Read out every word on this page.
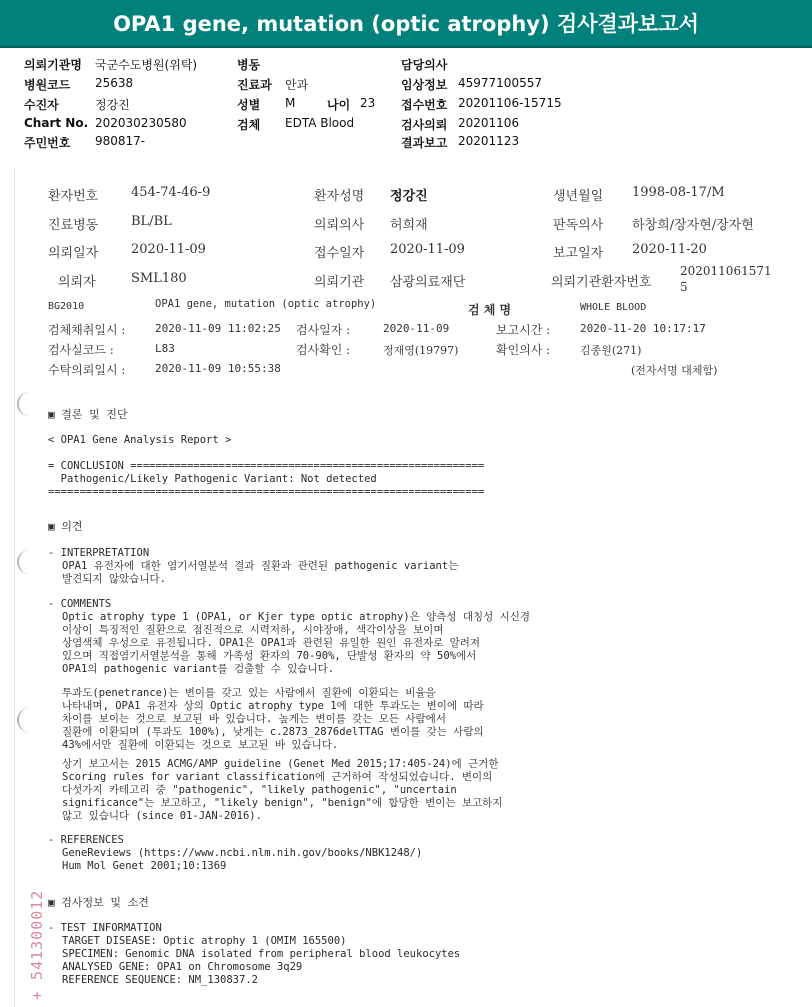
OPA1 gene, mutation (optic atrophy) 검사결과보고서
의뢰기관명 국군수도병원(위탁)
병원코드 25638
수진자	정강진
Chart No. 202030230580
주민번호 980817-
병동
진료과 안과
성별 M	나이 23
검체 EDTA Blood
담당의사
임상정보 45977100557
접수번호 20201106-15715
검사의뢰 20201106
결과보고 20201123
환자번호	454-74-46-9	환자성명 정강진	생년월일 1998-08-17/M
진료병동	BL/BL	의뢰의사 허희재	판독의사 하창희/장자현/장자현
의뢰일자	2020-11-09	접수일자 2020-11-09	보고일자 2020-11-20
의뢰자	SML180	의뢰기관 삼광의료재단	의뢰기관환자번호
202011061571
5
BG2010	OPA1 gene, mutation (optic atrophy)	검 체 명	WHOLE BLOOD
검체채취일시 :	2020-11-09 11:02:25 검사일자 :	2020-11-09	보고시간 :	2020-11-20 10:17:17
검사실코드 :	L83	검사확인 :	정재영(19797)	확인의사 :	김종원(271)
수탁의뢰일시 :	2020-11-09 10:55:38	(전자서명 대체함)
▣ 결론 및 진단
< OPA1 Gene Analysis Report >
= CONCLUSION ========================================================
Pathogenic/Likely Pathogenic Variant: Not detected
=====================================================================
▣ 의견
- INTERPRETATION
OPA1 유전자에 대한 염기서열분석 결과 질환과 관련된 pathogenic variant는
발견되지 않았습니다.
- COMMENTS
Optic atrophy type 1 (OPA1, or Kjer type optic atrophy)은 양측성 대칭성 시신경
이상이 특징적인 질환으로 점진적으로 시력저하, 시야장애, 색각이상을 보이며
상염색체 우성으로 유전됩니다. OPA1은 OPA1과 관련된 유일한 원인 유전자로 알려져
있으며 직접염기서열분석을 통해 가족성 환자의 70-90%, 단발성 환자의 약 50%에서
OPA1의 pathogenic variant를 검출할 수 있습니다.
투과도(penetrance)는 변이를 갖고 있는 사람에서 질환에 이환되는 비율을
나타내며, OPA1 유전자 상의 Optic atrophy type 1에 대한 투과도는 변이에 따라
차이를 보이는 것으로 보고된 바 있습니다. 높게는 변이를 갖는 모든 사람에서
질환에 이환되며 (투과도 100%), 낮게는 c.2873_2876delTTAG 변이를 갖는 사람의
43%에서만 질환에 이환되는 것으로 보고된 바 있습니다.
상기 보고서는 2015 ACMG/AMP guideline (Genet Med 2015;17:405-24)에 근거한
Scoring rules for variant classification에 근거하여 작성되었습니다. 변이의
다섯가지 카테고리 중 "pathogenic", "likely pathogenic", "uncertain
significance"는 보고하고, "likely benign", "benign"에 합당한 변이는 보고하지
않고 있습니다 (since 01-JAN-2016).
- REFERENCES
GeneReviews (https://www.ncbi.nlm.nih.gov/books/NBK1248/)
Hum Mol Genet 2001;10:1369
▣ 검사정보 및 소견
- TEST INFORMATION
TARGET DISEASE: Optic atrophy 1 (OMIM 165500)
SPECIMEN: Genomic DNA isolated from peripheral blood leukocytes
ANALYSED GENE: OPA1 on Chromosome 3q29
REFERENCE SEQUENCE: NM_130837.2
+ 541300012
